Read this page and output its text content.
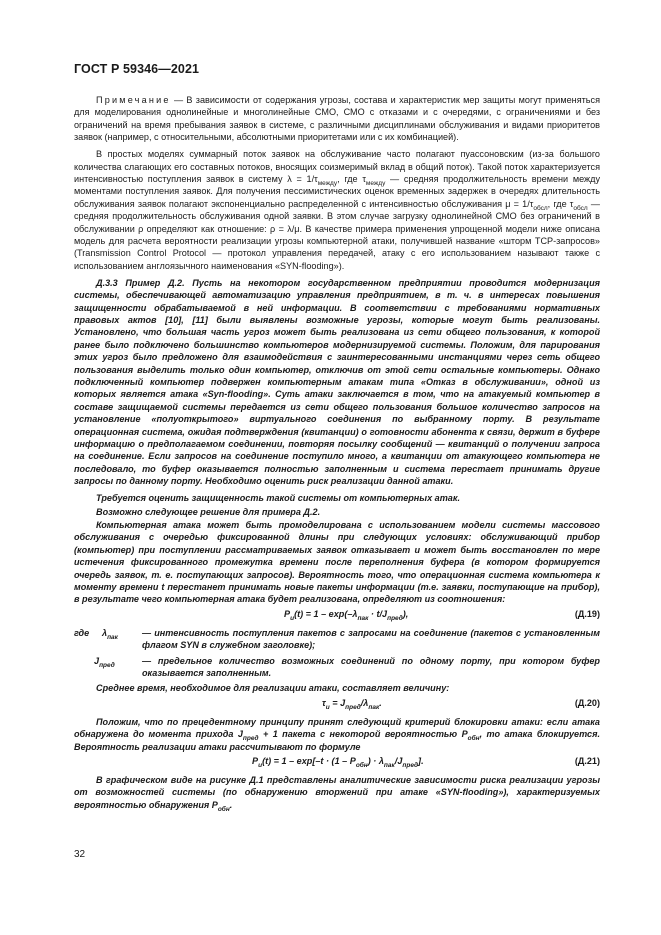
ГОСТ Р 59346—2021

Примечание — В зависимости от содержания угрозы, состава и характеристик мер защиты могут применяться для моделирования однолинейные и многолинейные СМО, СМО с отказами и с очередями, с ограничениями и без ограничений на время пребывания заявок в системе, с различными дисциплинами обслуживания и видами приоритетов заявок (например, с относительными, абсолютными приоритетами или с их комбинацией).

В простых моделях суммарный поток заявок на обслуживание часто полагают пуассоновским (из-за большого количества слагающих его составных потоков, вносящих соизмеримый вклад в общий поток). Такой поток характеризуется интенсивностью поступления заявок в систему $\lambda = 1/\tau_{между}$, где $\tau_{между}$ — средняя продолжительность времени между моментами поступления заявок. Для получения пессимистических оценок временных задержек в очередях длительность обслуживания заявок полагают экспоненциально распределенной с интенсивностью обслуживания $\mu = 1/\tau_{обсл}$, где $\tau_{обсл}$ — средняя продолжительность обслуживания одной заявки. В этом случае загрузку однолинейной СМО без ограничений в обслуживании ρ определяют как отношение: ρ = λ/μ. В качестве примера применения упрощенной модели ниже описана модель для расчета вероятности реализации угрозы компьютерной атаки, получившей название «шторм TCP-запросов» (Transmission Control Protocol — протокол управления передачей, атаку с его использованием называют также с использованием англоязычного наименования «SYN-flooding»).

Д.3.3 Пример Д.2. Пусть на некотором государственном предприятии проводится модернизация системы, обеспечивающей автоматизацию управления предприятием, в т. ч. в интересах повышения защищенности обрабатываемой в ней информации. В соответствии с требованиями нормативных правовых актов [10], [11] были выявлены возможные угрозы, которые могут быть реализованы. Установлено, что большая часть угроз может быть реализована из сети общего пользования, к которой ранее было подключено большинство компьютеров модернизируемой системы. Положим, для парирования этих угроз было предложено для взаимодействия с заинтересованными инстанциями через сеть общего пользования выделить только один компьютер, отключив от этой сети остальные компьютеры. Однако подключенный компьютер подвержен компьютерным атакам типа «Отказ в обслуживании», одной из которых является атака «Syn-flooding». Суть атаки заключается в том, что на атакуемый компьютер в составе защищаемой системы передается из сети общего пользования большое количество запросов на установление «полуоткрытого» виртуального соединения по выбранному порту. В результате операционная система, ожидая подтверждения (квитанции) о готовности абонента к связи, держит в буфере информацию о предполагаемом соединении, повторяя посылку сообщений — квитанций о получении запроса на соединение. Если запросов на соединение поступило много, а квитанции от атакующего компьютера не последовало, то буфер оказывается полностью заполненным и система перестает принимать другие запросы по данному порту. Необходимо оценить риск реализации данной атаки.

Требуется оценить защищенность такой системы от компьютерных атак.

Возможно следующее решение для примера Д.2.

Компьютерная атака может быть промоделирована с использованием модели системы массового обслуживания с очередью фиксированной длины при следующих условиях: обслуживающий прибор (компьютер) при поступлении рассматриваемых заявок отказывает и может быть восстановлен по мере истечения фиксированного промежутка времени после переполнения буфера (в котором формируется очередь заявок, т. е. поступающих запросов). Вероятность того, что операционная система компьютера к моменту времени t перестанет принимать новые пакеты информации (т.е. заявки, поступающие на прибор), в результате чего компьютерная атака будет реализована, определяют из соотношения:

$P_u(t) = 1 - \exp(-\lambda_{пак} \cdot t/J_{пред})$,	(Д.19)
где	$\lambda_{пак}$	— интенсивность поступления пакетов с запросами на соединение (пакетов с установленным флагом SYN в служебном заголовке);
$J_{пред}$	— предельное количество возможных соединений по одному порту, при котором буфер оказывается заполненным.

Среднее время, необходимое для реализации атаки, составляет величину:

$\tau_u = J_{пред}/\lambda_{пак}$.	(Д.20)

Положим, что по прецедентному принципу принят следующий критерий блокировки атаки: если атака обнаружена до момента прихода $J_{пред} + 1$ пакета с некоторой вероятностью $P_{обн}$, то атака блокируется. Вероятность реализации атаки рассчитывают по формуле

$P_u(t) = 1 - \exp[-t \cdot (1 - P_{обн}) \cdot \lambda_{пак}/J_{пред}]$.	(Д.21)

В графическом виде на рисунке Д.1 представлены аналитические зависимости риска реализации угрозы от возможностей системы (по обнаружению вторжений при атаке «SYN-flooding»), характеризуемых вероятностью обнаружения $P_{обн}$.

32
